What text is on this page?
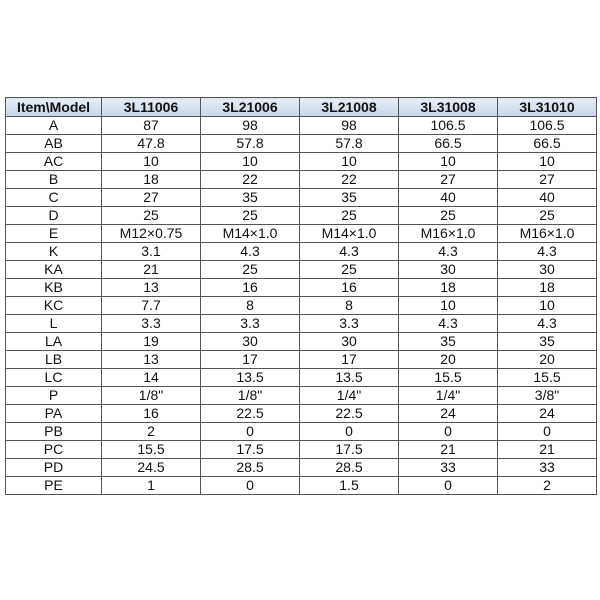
Item\Model	3L11006	3L21006	3L21008	3L31008	3L31010
A	87	98	98	106.5	106.5
AB	47.8	57.8	57.8	66.5	66.5
AC	10	10	10	10	10
B	18	22	22	27	27
C	27	35	35	40	40
D	25	25	25	25	25
E	M12×0.75	M14×1.0	M14×1.0	M16×1.0	M16×1.0
K	3.1	4.3	4.3	4.3	4.3
KA	21	25	25	30	30
KB	13	16	16	18	18
KC	7.7	8	8	10	10
L	3.3	3.3	3.3	4.3	4.3
LA	19	30	30	35	35
LB	13	17	17	20	20
LC	14	13.5	13.5	15.5	15.5
P	1/8"	1/8"	1/4"	1/4"	3/8"
PA	16	22.5	22.5	24	24
PB	2	0	0	0	0
PC	15.5	17.5	17.5	21	21
PD	24.5	28.5	28.5	33	33
PE	1	0	1.5	0	2
